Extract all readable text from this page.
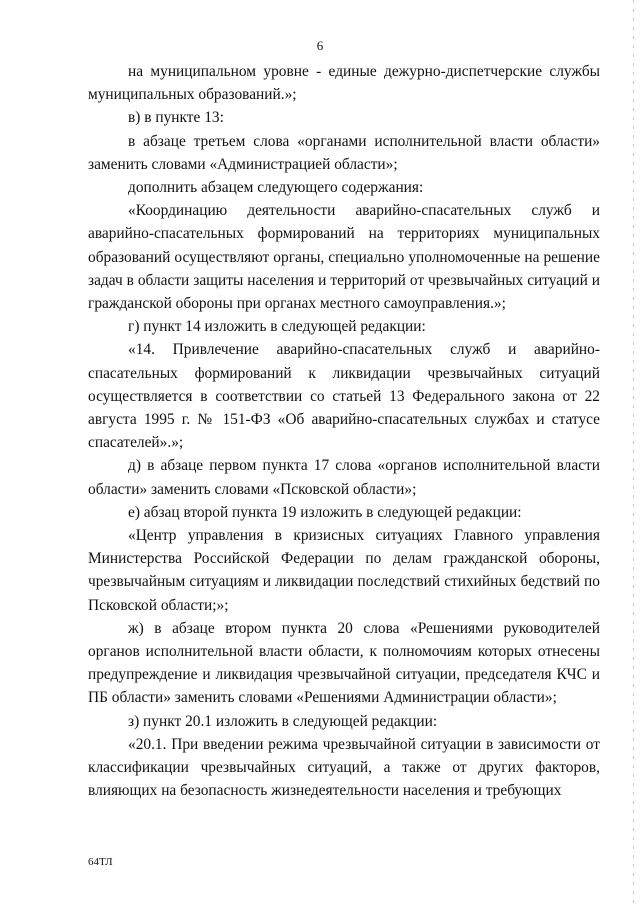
6

на муниципальном уровне - единые дежурно-диспетчерские службы муниципальных образований.»;

в) в пункте 13:

в абзаце третьем слова «органами исполнительной власти области» заменить словами «Администрацией области»;

дополнить абзацем следующего содержания:

«Координацию деятельности аварийно-спасательных служб и аварийно-спасательных формирований на территориях муниципальных образований осуществляют органы, специально уполномоченные на решение задач в области защиты населения и территорий от чрезвычайных ситуаций и гражданской обороны при органах местного самоуправления.»;

г) пункт 14 изложить в следующей редакции:

«14. Привлечение аварийно-спасательных служб и аварийно-спасательных формирований к ликвидации чрезвычайных ситуаций осуществляется в соответствии со статьей 13 Федерального закона от 22 августа 1995 г. № 151-ФЗ «Об аварийно-спасательных службах и статусе спасателей».»;

д) в абзаце первом пункта 17 слова «органов исполнительной власти области» заменить словами «Псковской области»;

е) абзац второй пункта 19 изложить в следующей редакции:

«Центр управления в кризисных ситуациях Главного управления Министерства Российской Федерации по делам гражданской обороны, чрезвычайным ситуациям и ликвидации последствий стихийных бедствий по Псковской области;»;

ж) в абзаце втором пункта 20 слова «Решениями руководителей органов исполнительной власти области, к полномочиям которых отнесены предупреждение и ликвидация чрезвычайной ситуации, председателя КЧС и ПБ области» заменить словами «Решениями Администрации области»;

з) пункт 20.1 изложить в следующей редакции:

«20.1. При введении режима чрезвычайной ситуации в зависимости от классификации чрезвычайных ситуаций, а также от других факторов, влияющих на безопасность жизнедеятельности населения и требующих

64ТЛ
